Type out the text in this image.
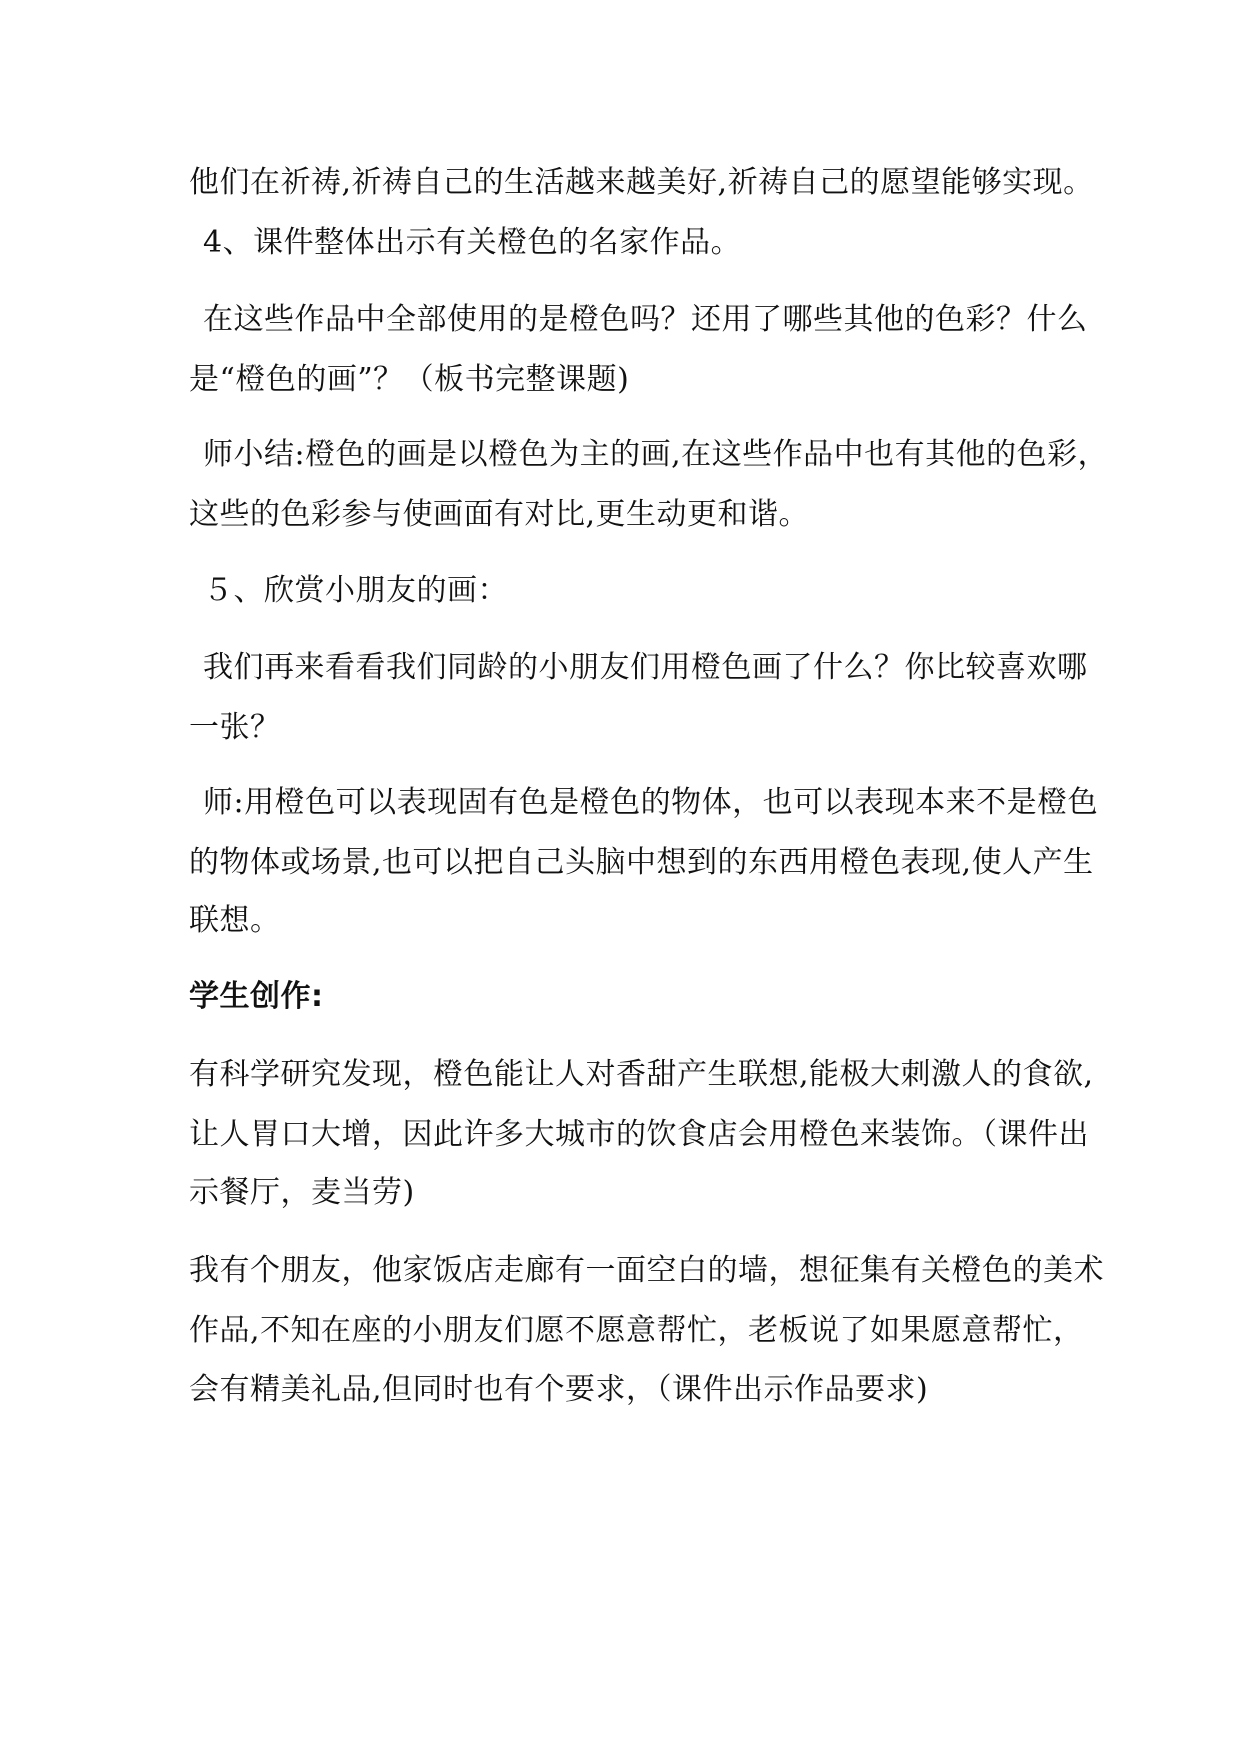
他们在祈祷,祈祷自己的生活越来越美好,祈祷自己的愿望能够实现。
4、课件整体出示有关橙色的名家作品。
在这些作品中全部使用的是橙色吗？还用了哪些其他的色彩？什么
是“橙色的画”？（板书完整课题)
师小结:橙色的画是以橙色为主的画,在这些作品中也有其他的色彩，
这些的色彩参与使画面有对比,更生动更和谐。
５、欣赏小朋友的画：
我们再来看看我们同龄的小朋友们用橙色画了什么？你比较喜欢哪
一张？
师:用橙色可以表现固有色是橙色的物体，也可以表现本来不是橙色
的物体或场景,也可以把自己头脑中想到的东西用橙色表现,使人产生
联想。
学生创作:
有科学研究发现，橙色能让人对香甜产生联想,能极大刺激人的食欲,
让人胃口大增，因此许多大城市的饮食店会用橙色来装饰。（课件出
示餐厅，麦当劳)
我有个朋友，他家饭店走廊有一面空白的墙，想征集有关橙色的美术
作品,不知在座的小朋友们愿不愿意帮忙，老板说了如果愿意帮忙，
会有精美礼品,但同时也有个要求，（课件出示作品要求)
